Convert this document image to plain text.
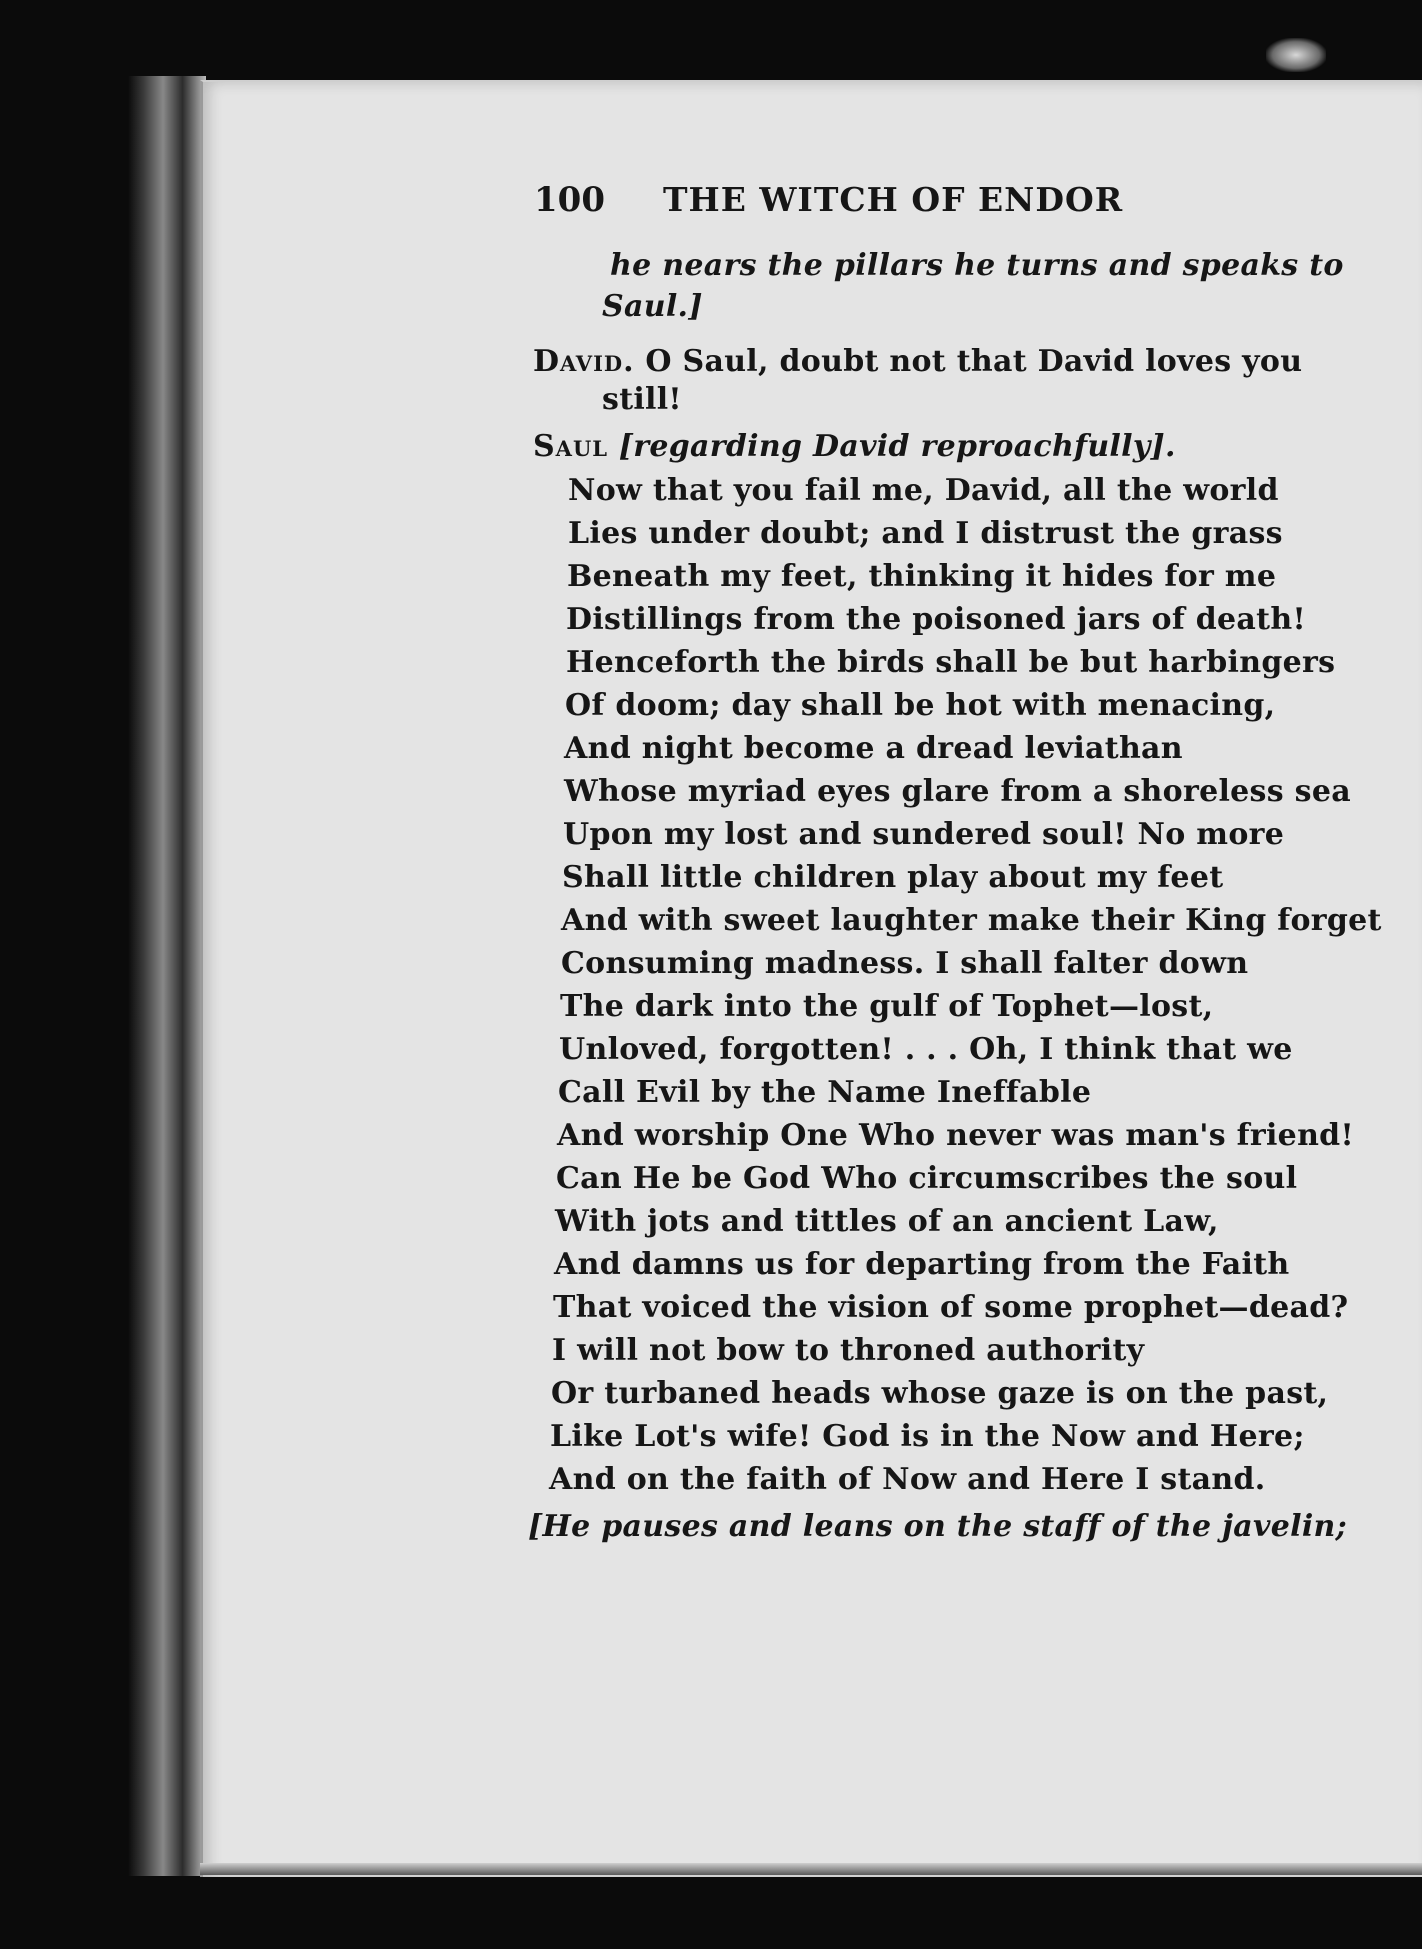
100 THE WITCH OF ENDOR

he nears the pillars he turns and speaks to

Saul.]

David. O Saul, doubt not that David loves you

still!

Saul [regarding David reproachfully].

Now that you fail me, David, all the world

Lies under doubt; and I distrust the grass

Beneath my feet, thinking it hides for me

Distillings from the poisoned jars of death!

Henceforth the birds shall be but harbingers

Of doom; day shall be hot with menacing,

And night become a dread leviathan

Whose myriad eyes glare from a shoreless sea

Upon my lost and sundered soul! No more

Shall little children play about my feet

And with sweet laughter make their King forget

Consuming madness. I shall falter down

The dark into the gulf of Tophet—lost,

Unloved, forgotten! . . . Oh, I think that we

Call Evil by the Name Ineffable

And worship One Who never was man's friend!

Can He be God Who circumscribes the soul

With jots and tittles of an ancient Law,

And damns us for departing from the Faith

That voiced the vision of some prophet—dead?

I will not bow to throned authority

Or turbaned heads whose gaze is on the past,

Like Lot's wife! God is in the Now and Here;

And on the faith of Now and Here I stand.

[He pauses and leans on the staff of the javelin;
